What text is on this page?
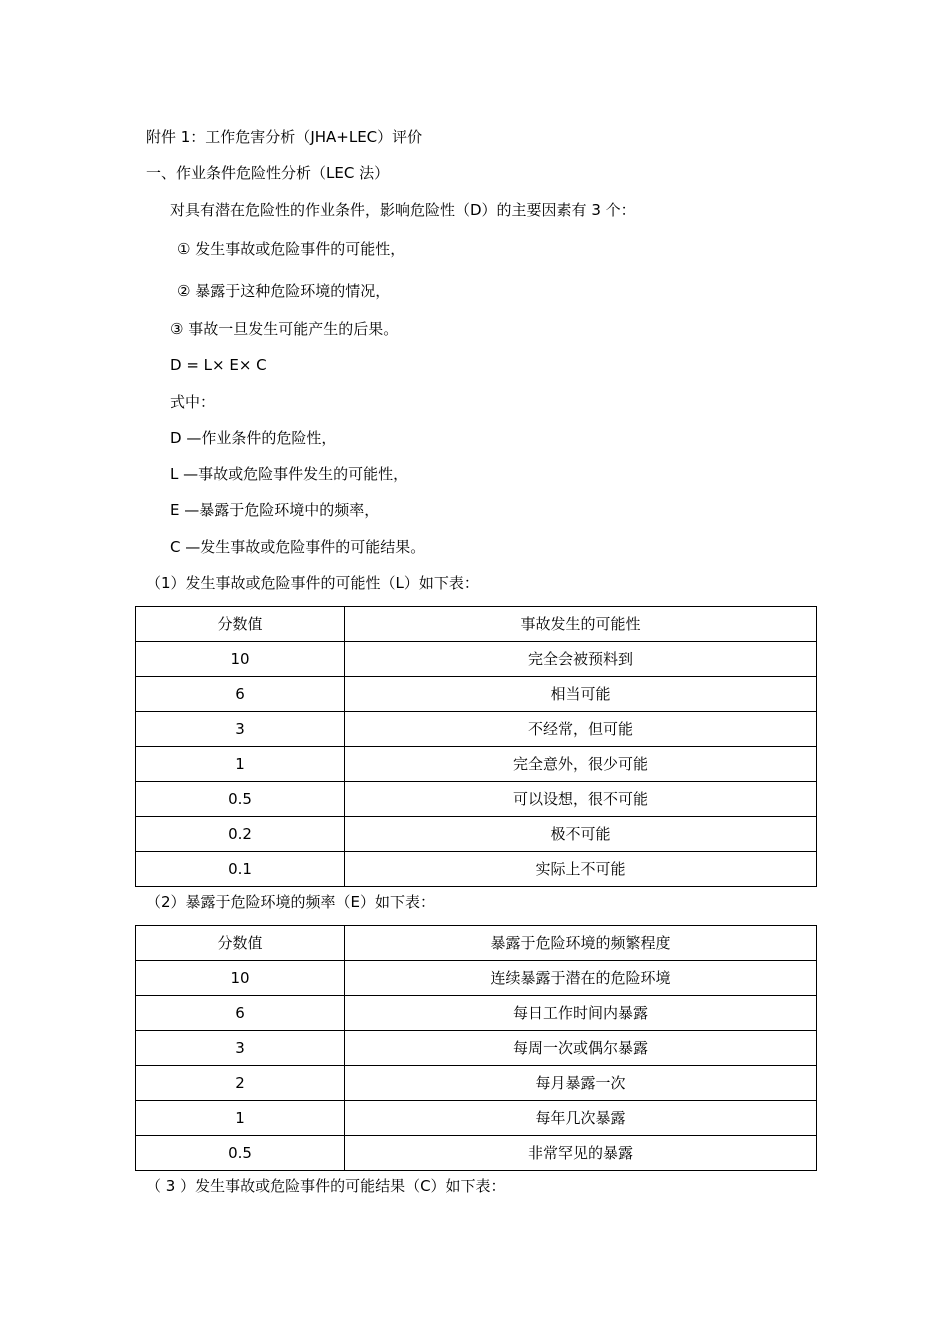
附件 1：工作危害分析（JHA+LEC）评价
一、作业条件危险性分析（LEC 法）
对具有潜在危险性的作业条件，影响危险性（D）的主要因素有 3 个：
① 发生事故或危险事件的可能性，
② 暴露于这种危险环境的情况，
③ 事故一旦发生可能产生的后果。
D = L× E× C
式中：
D —作业条件的危险性，
L —事故或危险事件发生的可能性，
E —暴露于危险环境中的频率，
C —发生事故或危险事件的可能结果。
（1）发生事故或危险事件的可能性（L）如下表：
分数值	事故发生的可能性
10	完全会被预料到
6	相当可能
3	不经常，但可能
1	完全意外，很少可能
0.5	可以设想，很不可能
0.2	极不可能
0.1	实际上不可能
（2）暴露于危险环境的频率（E）如下表：
分数值	暴露于危险环境的频繁程度
10	连续暴露于潜在的危险环境
6	每日工作时间内暴露
3	每周一次或偶尔暴露
2	每月暴露一次
1	每年几次暴露
0.5	非常罕见的暴露
（ 3 ）发生事故或危险事件的可能结果（C）如下表：
